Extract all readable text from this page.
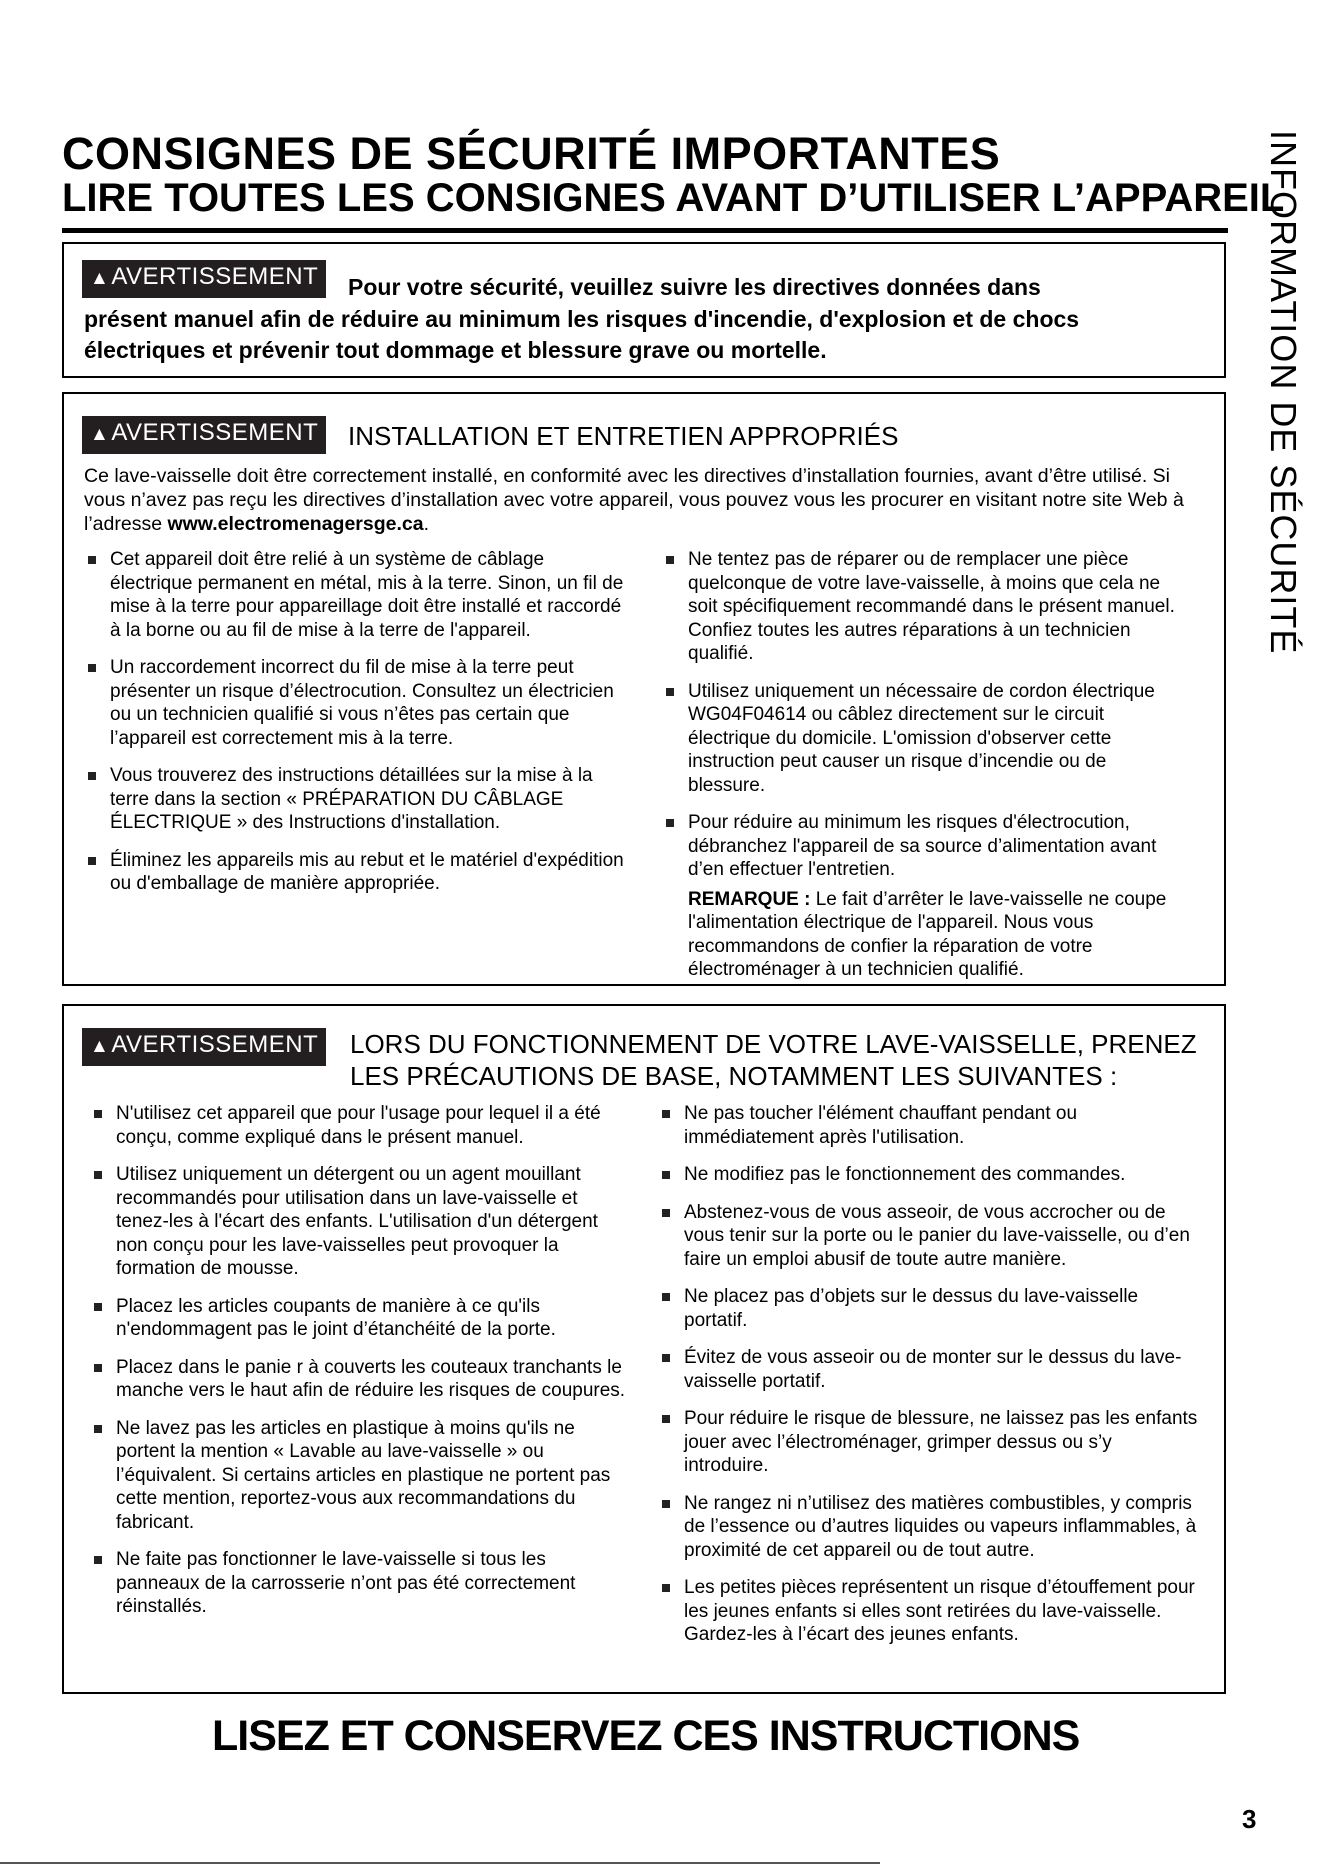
CONSIGNES DE SÉCURITÉ IMPORTANTES
LIRE TOUTES LES CONSIGNES AVANT D’UTILISER L’APPAREIL
INFORMATION DE SÉCURITÉ
▲AVERTISSEMENT	Pour votre sécurité, veuillez suivre les directives données dans
présent manuel afin de réduire au minimum les risques d'incendie, d'explosion et de chocs électriques et prévenir tout dommage et blessure grave ou mortelle.
▲AVERTISSEMENT	INSTALLATION ET ENTRETIEN APPROPRIÉS
Ce lave-vaisselle doit être correctement installé, en conformité avec les directives d’installation fournies, avant d’être utilisé. Si vous n’avez pas reçu les directives d’installation avec votre appareil, vous pouvez vous les procurer en visitant notre site Web à l’adresse www.electromenagersge.ca.
Cet appareil doit être relié à un système de câblage électrique permanent en métal, mis à la terre. Sinon, un fil de mise à la terre pour appareillage doit être installé et raccordé à la borne ou au fil de mise à la terre de l'appareil.
Un raccordement incorrect du fil de mise à la terre peut présenter un risque d’électrocution. Consultez un électricien ou un technicien qualifié si vous n’êtes pas certain que l’appareil est correctement mis à la terre.
Vous trouverez des instructions détaillées sur la mise à la terre dans la section « PRÉPARATION DU CÂBLAGE ÉLECTRIQUE » des Instructions d'installation.
Éliminez les appareils mis au rebut et le matériel d'expédition ou d'emballage de manière appropriée.
Ne tentez pas de réparer ou de remplacer une pièce quelconque de votre lave-vaisselle, à moins que cela ne soit spécifiquement recommandé dans le présent manuel. Confiez toutes les autres réparations à un technicien qualifié.
Utilisez uniquement un nécessaire de cordon électrique WG04F04614 ou câblez directement sur le circuit électrique du domicile. L'omission d'observer cette instruction peut causer un risque d’incendie ou de blessure.

Pour réduire au minimum les risques d'électrocution, débranchez l'appareil de sa source d’alimentation avant d’en effectuer l'entretien.

REMARQUE : Le fait d’arrêter le lave-vaisselle ne coupe l'alimentation électrique de l'appareil. Nous vous recommandons de confier la réparation de votre électroménager à un technicien qualifié.

▲AVERTISSEMENT	LORS DU FONCTIONNEMENT DE VOTRE LAVE-VAISSELLE, PRENEZ
LES PRÉCAUTIONS DE BASE, NOTAMMENT LES SUIVANTES :
N'utilisez cet appareil que pour l'usage pour lequel il a été conçu, comme expliqué dans le présent manuel.
Utilisez uniquement un détergent ou un agent mouillant recommandés pour utilisation dans un lave-vaisselle et tenez-les à l'écart des enfants. L'utilisation d'un détergent non conçu pour les lave-vaisselles peut provoquer la formation de mousse.
Placez les articles coupants de manière à ce qu'ils n'endommagent pas le joint d’étanchéité de la porte.
Placez dans le panie r à couverts les couteaux tranchants le manche vers le haut afin de réduire les risques de coupures.
Ne lavez pas les articles en plastique à moins qu'ils ne portent la mention « Lavable au lave-vaisselle » ou l’équivalent. Si certains articles en plastique ne portent pas cette mention, reportez-vous aux recommandations du fabricant.
Ne faite pas fonctionner le lave-vaisselle si tous les panneaux de la carrosserie n’ont pas été correctement réinstallés.
Ne pas toucher l'élément chauffant pendant ou immédiatement après l'utilisation.
Ne modifiez pas le fonctionnement des commandes.
Abstenez-vous de vous asseoir, de vous accrocher ou de vous tenir sur la porte ou le panier du lave-vaisselle, ou d’en faire un emploi abusif de toute autre manière.
Ne placez pas d’objets sur le dessus du lave-vaisselle portatif.
Évitez de vous asseoir ou de monter sur le dessus du lave-vaisselle portatif.
Pour réduire le risque de blessure, ne laissez pas les enfants jouer avec l’électroménager, grimper dessus ou s’y introduire.
Ne rangez ni n’utilisez des matières combustibles, y compris de l’essence ou d’autres liquides ou vapeurs inflammables, à proximité de cet appareil ou de tout autre.
Les petites pièces représentent un risque d’étouffement pour les jeunes enfants si elles sont retirées du lave-vaisselle. Gardez-les à l’écart des jeunes enfants.
LISEZ ET CONSERVEZ CES INSTRUCTIONS
3
